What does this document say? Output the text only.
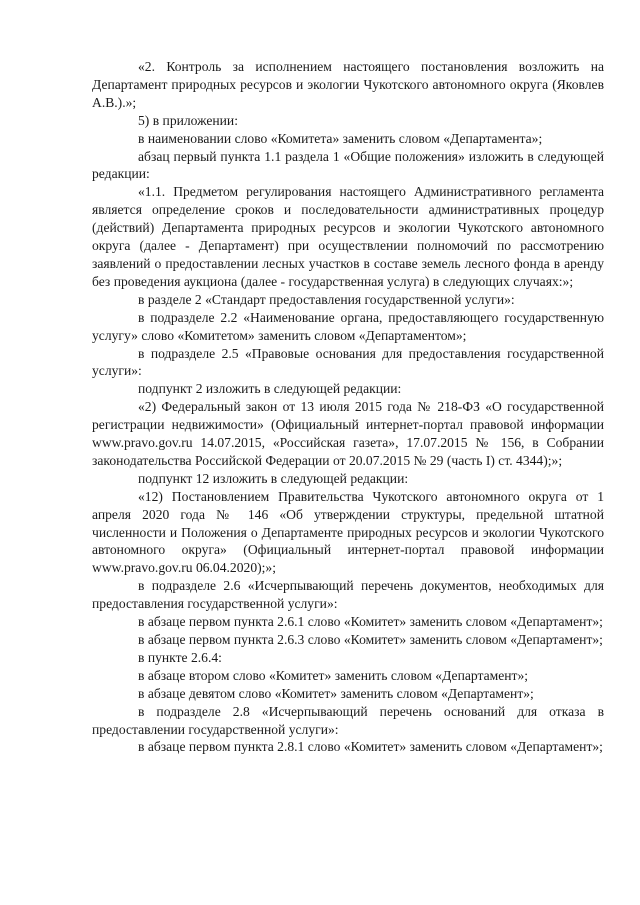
«2. Контроль за исполнением настоящего постановления возложить на Департамент природных ресурсов и экологии Чукотского автономного округа (Яковлев А.В.).»;

5) в приложении:

в наименовании слово «Комитета» заменить словом «Департамента»;

абзац первый пункта 1.1 раздела 1 «Общие положения» изложить в следующей редакции:

«1.1. Предметом регулирования настоящего Административного регламента является определение сроков и последовательности административных процедур (действий) Департамента природных ресурсов и экологии Чукотского автономного округа (далее - Департамент) при осуществлении полномочий по рассмотрению заявлений о предоставлении лесных участков в составе земель лесного фонда в аренду без проведения аукциона (далее - государственная услуга) в следующих случаях:»;

в разделе 2 «Стандарт предоставления государственной услуги»:

в подразделе 2.2 «Наименование органа, предоставляющего государственную услугу» слово «Комитетом» заменить словом «Департаментом»;

в подразделе 2.5 «Правовые основания для предоставления государственной услуги»:

подпункт 2 изложить в следующей редакции:

«2) Федеральный закон от 13 июля 2015 года № 218-ФЗ «О государственной регистрации недвижимости» (Официальный интернет-портал правовой информации www.pravo.gov.ru 14.07.2015, «Российская газета», 17.07.2015 № 156, в Собрании законодательства Российской Федерации от 20.07.2015 № 29 (часть I) ст. 4344);»;

подпункт 12 изложить в следующей редакции:

«12) Постановлением Правительства Чукотского автономного округа от 1 апреля 2020 года № 146 «Об утверждении структуры, предельной штатной численности и Положения о Департаменте природных ресурсов и экологии Чукотского автономного округа» (Официальный интернет-портал правовой информации www.pravo.gov.ru 06.04.2020);»;

в подразделе 2.6 «Исчерпывающий перечень документов, необходимых для предоставления государственной услуги»:

в абзаце первом пункта 2.6.1 слово «Комитет» заменить словом «Департамент»;

в абзаце первом пункта 2.6.3 слово «Комитет» заменить словом «Департамент»;

в пункте 2.6.4:

в абзаце втором слово «Комитет» заменить словом «Департамент»;

в абзаце девятом слово «Комитет» заменить словом «Департамент»;

в подразделе 2.8 «Исчерпывающий перечень оснований для отказа в предоставлении государственной услуги»:

в абзаце первом пункта 2.8.1 слово «Комитет» заменить словом «Департамент»;
